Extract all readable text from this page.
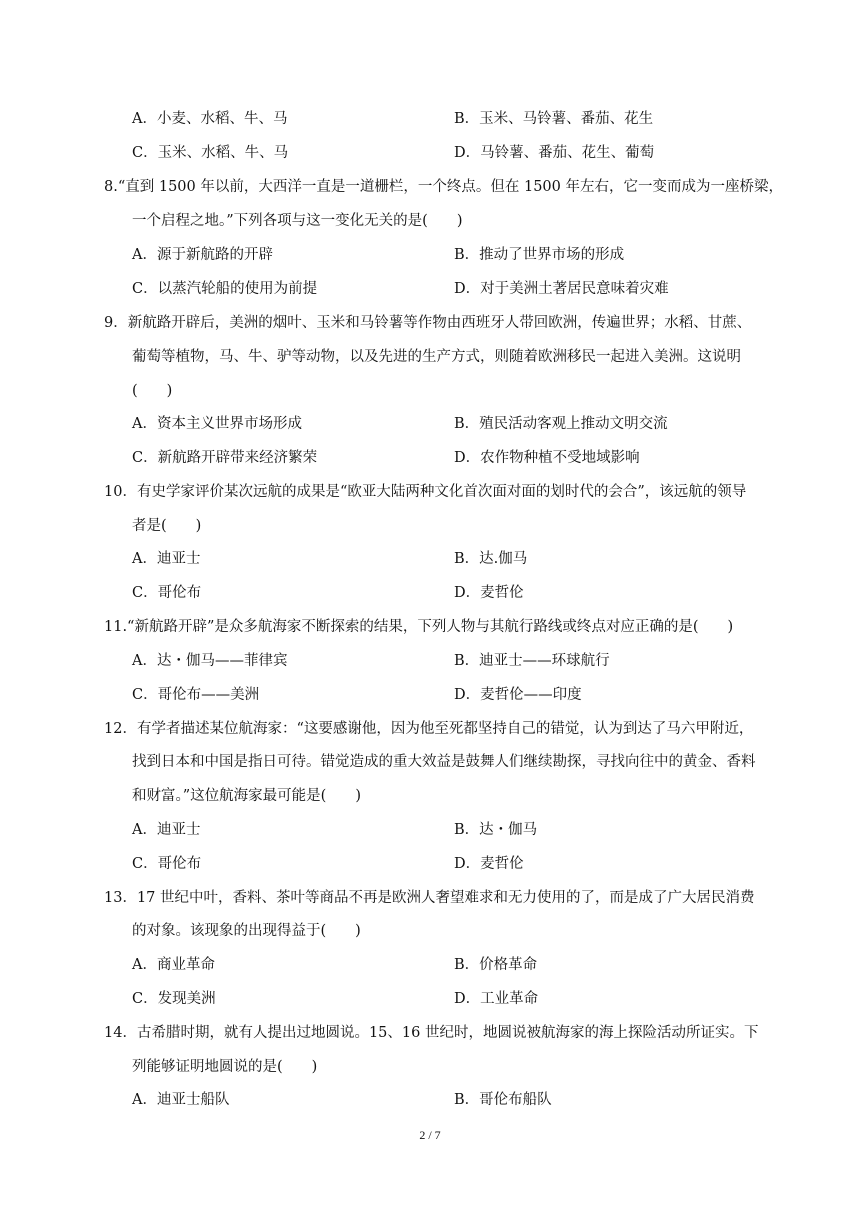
A．小麦、水稻、牛、马	B．玉米、马铃薯、番茄、花生
C．玉米、水稻、牛、马	D．马铃薯、番茄、花生、葡萄
8.“直到 1500 年以前，大西洋一直是一道栅栏，一个终点。但在 1500 年左右，它一变而成为一座桥梁，
一个启程之地。”下列各项与这一变化无关的是(　　)
A．源于新航路的开辟	B．推动了世界市场的形成
C．以蒸汽轮船的使用为前提	D．对于美洲土著居民意味着灾难
9．新航路开辟后，美洲的烟叶、玉米和马铃薯等作物由西班牙人带回欧洲，传遍世界；水稻、甘蔗、
葡萄等植物，马、牛、驴等动物，以及先进的生产方式，则随着欧洲移民一起进入美洲。这说明
(　　)
A．资本主义世界市场形成	B．殖民活动客观上推动文明交流
C．新航路开辟带来经济繁荣	D．农作物种植不受地域影响
10．有史学家评价某次远航的成果是“欧亚大陆两种文化首次面对面的划时代的会合”，该远航的领导
者是(　　)
A．迪亚士	B．达.伽马
C．哥伦布	D．麦哲伦
11.“新航路开辟”是众多航海家不断探索的结果，下列人物与其航行路线或终点对应正确的是(　　)
A．达・伽马——菲律宾	B．迪亚士——环球航行
C．哥伦布——美洲	D．麦哲伦——印度
12．有学者描述某位航海家：“这要感谢他，因为他至死都坚持自己的错觉，认为到达了马六甲附近，
找到日本和中国是指日可待。错觉造成的重大效益是鼓舞人们继续勘探，寻找向往中的黄金、香料
和财富。”这位航海家最可能是(　　)
A．迪亚士	B．达・伽马
C．哥伦布	D．麦哲伦
13．17 世纪中叶，香料、茶叶等商品不再是欧洲人奢望难求和无力使用的了，而是成了广大居民消费
的对象。该现象的出现得益于(　　)
A．商业革命	B．价格革命
C．发现美洲	D．工业革命
14．古希腊时期，就有人提出过地圆说。15、16 世纪时，地圆说被航海家的海上探险活动所证实。下
列能够证明地圆说的是(　　)
A．迪亚士船队	B．哥伦布船队
2 / 7
